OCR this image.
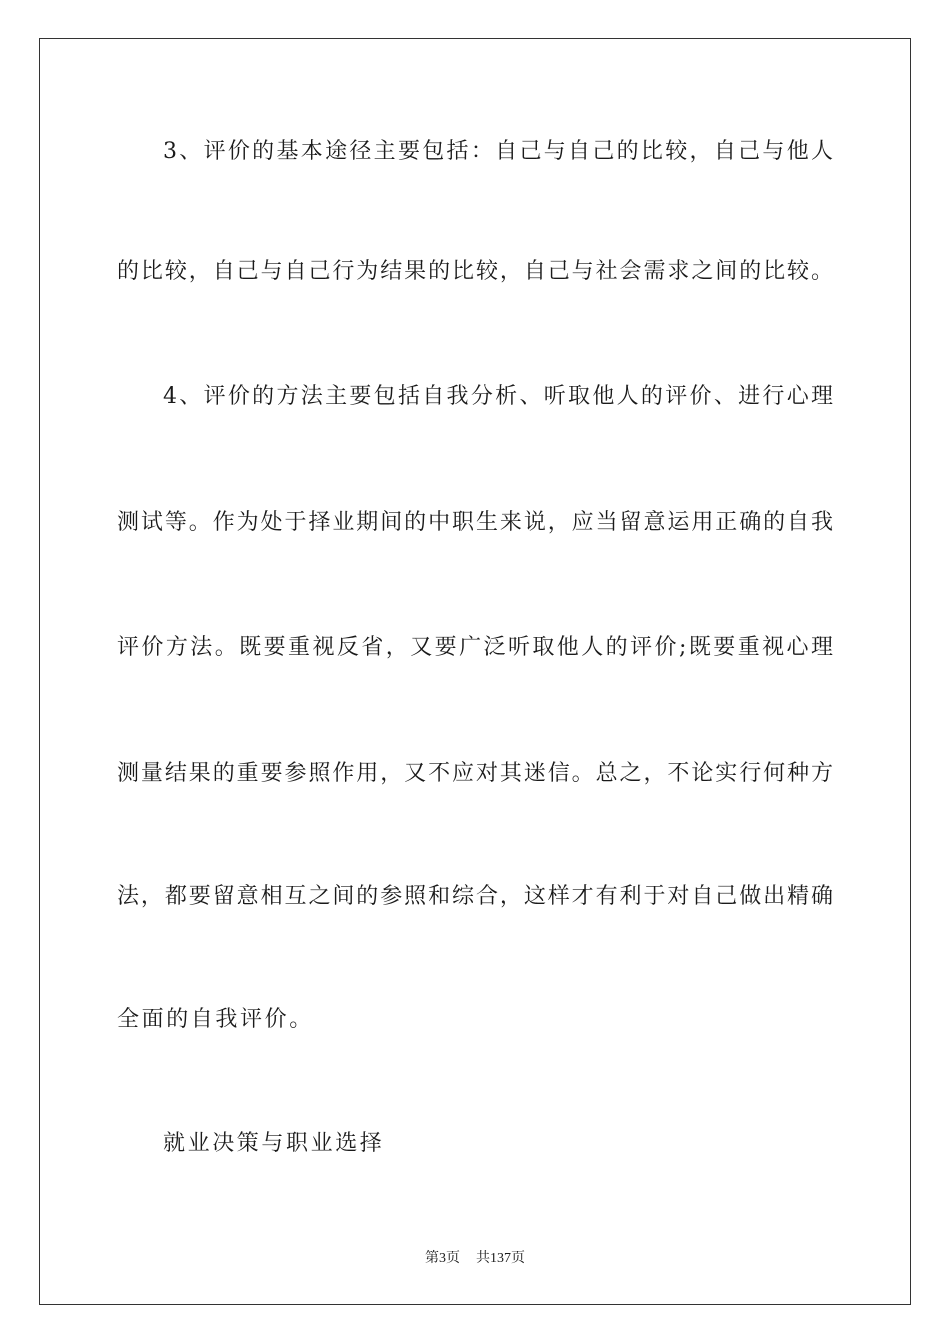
3、评价的基本途径主要包括：自己与自己的比较，自己与他人
的比较，自己与自己行为结果的比较，自己与社会需求之间的比较。
4、评价的方法主要包括自我分析、听取他人的评价、进行心理
测试等。作为处于择业期间的中职生来说，应当留意运用正确的自我
评价方法。既要重视反省，又要广泛听取他人的评价;既要重视心理
测量结果的重要参照作用，又不应对其迷信。总之，不论实行何种方
法，都要留意相互之间的参照和综合，这样才有利于对自己做出精确
全面的自我评价。
就业决策与职业选择
第3页 共137页
